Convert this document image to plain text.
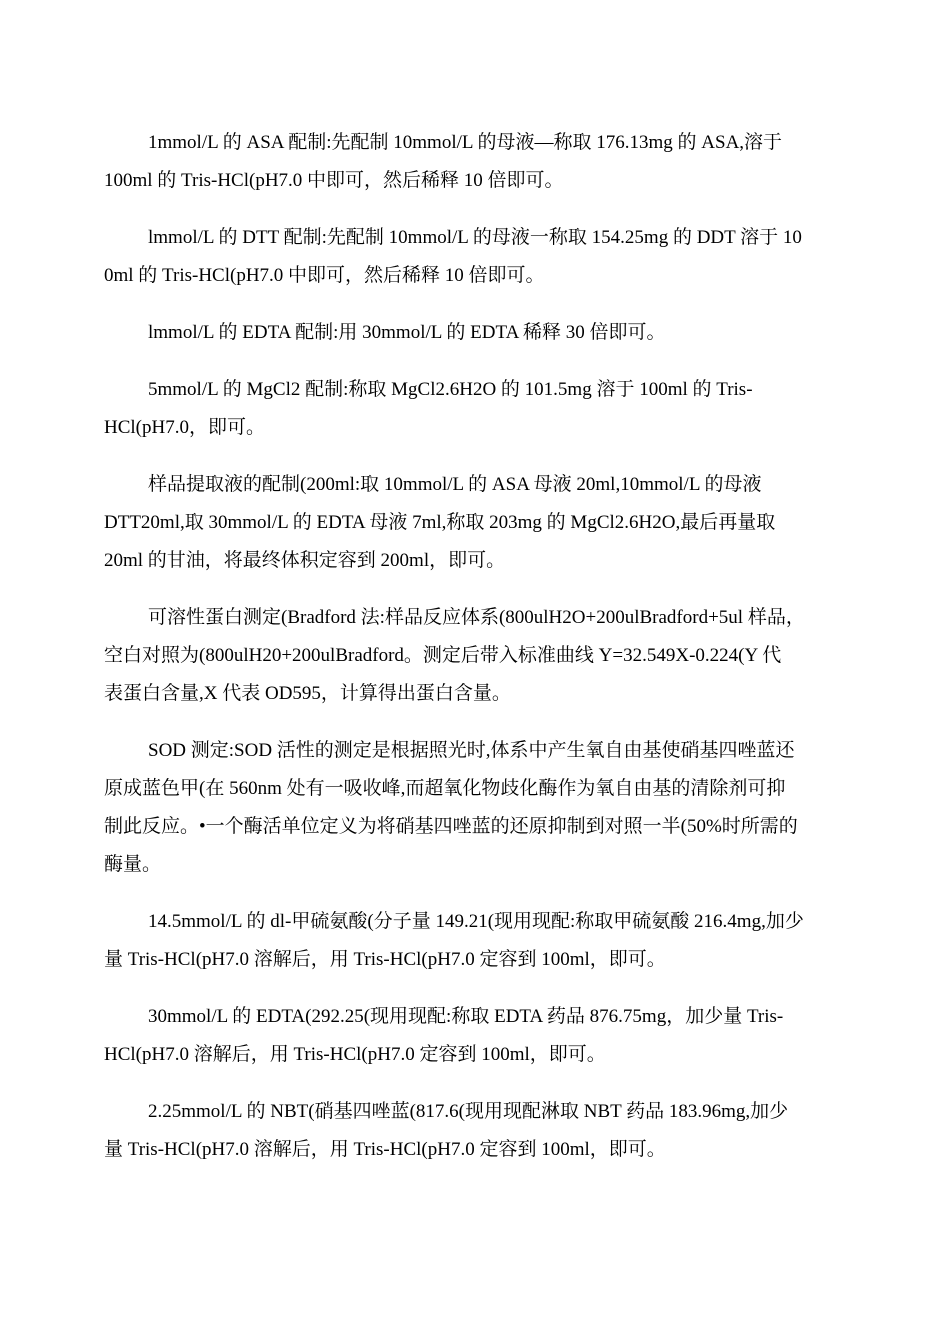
1mmol/L 的 ASA 配制:先配制 10mmol/L 的母液—称取 176.13mg 的 ASA,溶于
100ml 的 Tris-HCl(pH7.0 中即可，然后稀释 10 倍即可。

lmmol/L 的 DTT 配制:先配制 10mmol/L 的母液一称取 154.25mg 的 DDT 溶于 10
0ml 的 Tris-HCl(pH7.0 中即可，然后稀释 10 倍即可。

lmmol/L 的 EDTA 配制:用 30mmol/L 的 EDTA 稀释 30 倍即可。

5mmol/L 的 MgCl2 配制:称取 MgCl2.6H2O 的 101.5mg 溶于 100ml 的 Tris-
HCl(pH7.0，即可。

样品提取液的配制(200ml:取 10mmol/L 的 ASA 母液 20ml,10mmol/L 的母液
DTT20ml,取 30mmol/L 的 EDTA 母液 7ml,称取 203mg 的 MgCl2.6H2O,最后再量取
20ml 的甘油，将最终体积定容到 200ml，即可。

可溶性蛋白测定(Bradford 法:样品反应体系(800ulH2O+200ulBradford+5ul 样品，
空白对照为(800ulH20+200ulBradford。测定后带入标准曲线 Y=32.549X-0.224(Y 代
表蛋白含量,X 代表 OD595，计算得出蛋白含量。

SOD 测定:SOD 活性的测定是根据照光时,体系中产生氧自由基使硝基四唑蓝还
原成蓝色甲(在 560nm 处有一吸收峰,而超氧化物歧化酶作为氧自由基的清除剂可抑
制此反应。•一个酶活单位定义为将硝基四唑蓝的还原抑制到对照一半(50%时所需的
酶量。

14.5mmol/L 的 dl-甲硫氨酸(分子量 149.21(现用现配:称取甲硫氨酸 216.4mg,加少
量 Tris-HCl(pH7.0 溶解后，用 Tris-HCl(pH7.0 定容到 100ml，即可。

30mmol/L 的 EDTA(292.25(现用现配:称取 EDTA 药品 876.75mg，加少量 Tris-
HCl(pH7.0 溶解后，用 Tris-HCl(pH7.0 定容到 100ml，即可。

2.25mmol/L 的 NBT(硝基四唑蓝(817.6(现用现配淋取 NBT 药品 183.96mg,加少
量 Tris-HCl(pH7.0 溶解后，用 Tris-HCl(pH7.0 定容到 100ml，即可。
